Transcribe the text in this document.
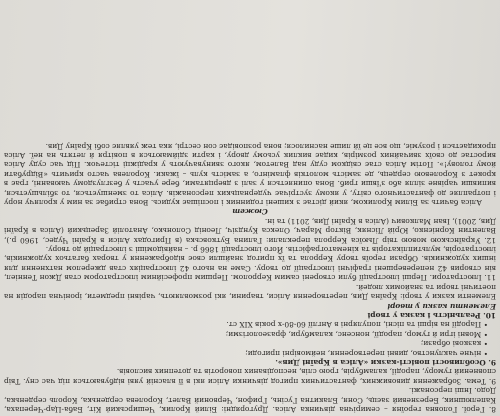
8. Герої. Головна героїня – семирічна дівчинка Аліса. Другорядні: Білий Кролик, Чеширський Кіт, Баба-Цар-Черепаха, Капелюшник, Березневий заєць, Соня, Блакитна Гусінь, Грифон, Червоний Валет, Королева серденька, Король серденька, Додо. Інші персонажі.

9. Тема. Зображення дивовижних, фантастичних пригод дівчинки Аліси які в її власній уяві відбуваються під час сну. Твір сповнений гумору, пародії, каламбурів, грою слів, несподіваних поворотів та дотепних висловів.

9. Особливості повісті-казки «Аліса в Країні Див».

• нічне чаклунство, дивні перетворення, неймовірні пригоди;

• казкові образи;

• Мовні ігри й гумор, пародії, нонсенс, каламбури, фразеологізми;

• Пародії на вірші та пісні, популярні в Англії 60-80-х років XIX ст.

10. Реальність і казка у творі

Елементи казки у творі

Елементи казки у творі: Країна Див, перетворення Аліси, тварини, які розмовляють, чарівні предмети, іронічна пародія на поетичні твори та знайомих людей.

11. Ілюстратори. Перші ілюстрації були створені самим Керролом. Першим професійним ілюстратором став Джон Тенніел, він створив 42 неперевершені графічні ілюстрації до твору. Саме на нього 42 ілюстраціях став джерелом натхнення для інших художників. Образи героїв твору Керрола та їх пригод знайшли своє відображення у творах багатьох художників, ілюстраторів, мультиплікаторів та кінематографістів. Його ілюстрації 1866 р. – найвідоміші з ілюстрацій до твору.

12. Українською мовою твір Льюїса Керрола переклали: Галина Бутковська (в Пригодах Аліси в Країні Чудес, 1960 р.), Валентин Корнієнко, Юрій Лісняк, Віктор Марач, Олекса Кундзіч, Леонід Солонько, Анатолій Зарецький (Аліса в Країні Див, 2001), Іван Малкович (Аліса в Країні Див, 2011) та ін.

Сюжет

Аліса бачить за Білим Кроликом, який дістає з кишені годинник і поспішає кудись. Вона стрибає за ним у кролячу нору і потрапляє до фантастичного світу, у якому зустрічає чудернацьких персонажів. Аліса то зменшується, то збільшується, випивши чарівне зілля або з'ївши гриб. Вона опиняється у залі з дверцятами, бере участь у безглуздому чаюванні, грає в крокет з Королевою сердець, де замість молотків фламінго, а замість куль – їжаки. Королева часто кричить «Відрубати йому голову!». Потім Аліса стає свідком суду над Валетом, якого звинувачують у крадіжці тістечок. Під час суду Аліса виростає до своїх звичайних розмірів, кидає виклик усьому двору, і карти здіймаються в повітря й летять на неї. Аліса прокидається і розуміє, що все це їй лише наснилося; вона розповідає сон сестрі, яка теж уявляє собі Країну Див.
